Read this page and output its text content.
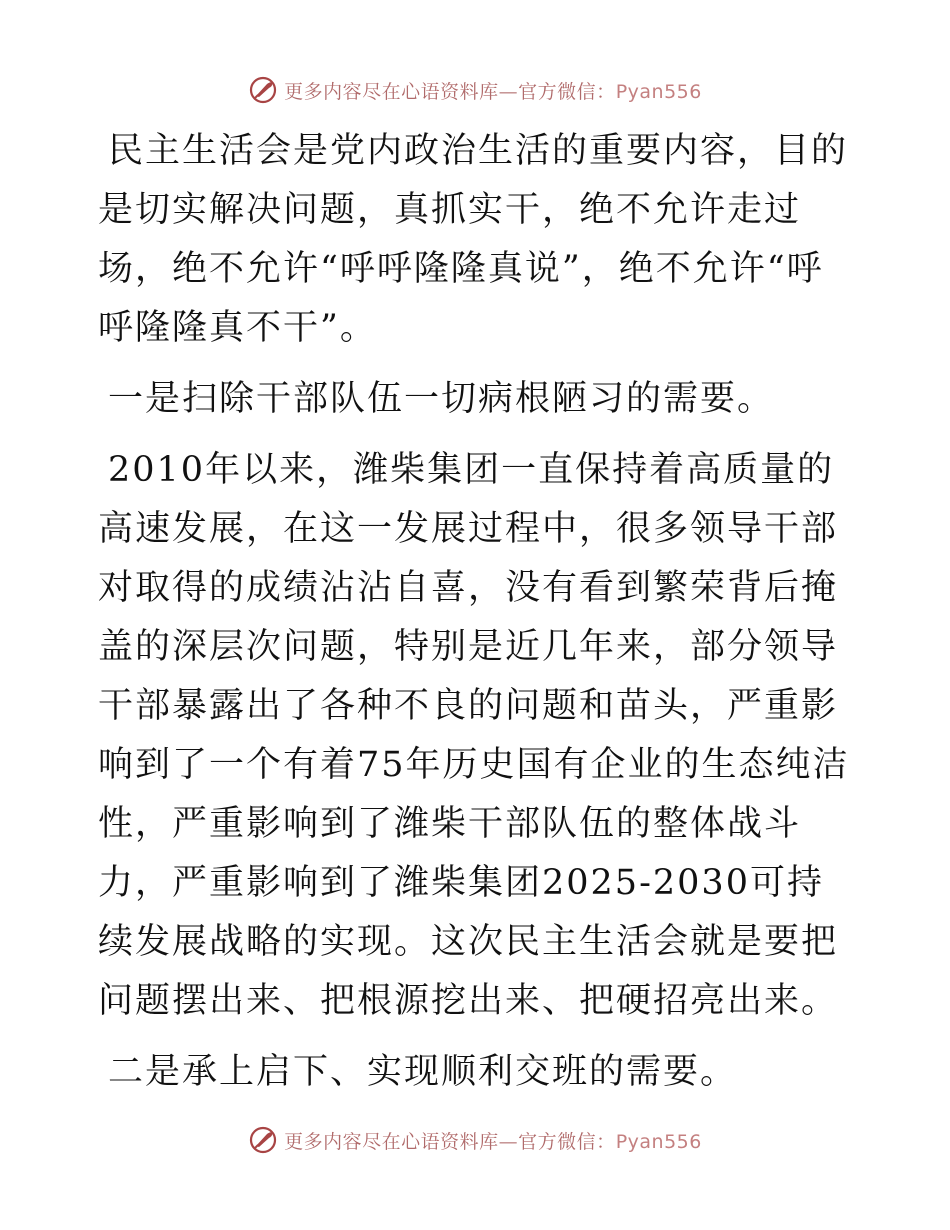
更多内容尽在心语资料库—官方微信：Pyan556

民主生活会是党内政治生活的重要内容，目的是切实解决问题，真抓实干，绝不允许走过场，绝不允许“呼呼隆隆真说”，绝不允许“呼呼隆隆真不干”。

一是扫除干部队伍一切病根陋习的需要。

2010年以来，潍柴集团一直保持着高质量的高速发展，在这一发展过程中，很多领导干部对取得的成绩沾沾自喜，没有看到繁荣背后掩盖的深层次问题，特别是近几年来，部分领导干部暴露出了各种不良的问题和苗头，严重影响到了一个有着75年历史国有企业的生态纯洁性，严重影响到了潍柴干部队伍的整体战斗力，严重影响到了潍柴集团2025-2030可持续发展战略的实现。这次民主生活会就是要把问题摆出来、把根源挖出来、把硬招亮出来。

二是承上启下、实现顺利交班的需要。

更多内容尽在心语资料库—官方微信：Pyan556
